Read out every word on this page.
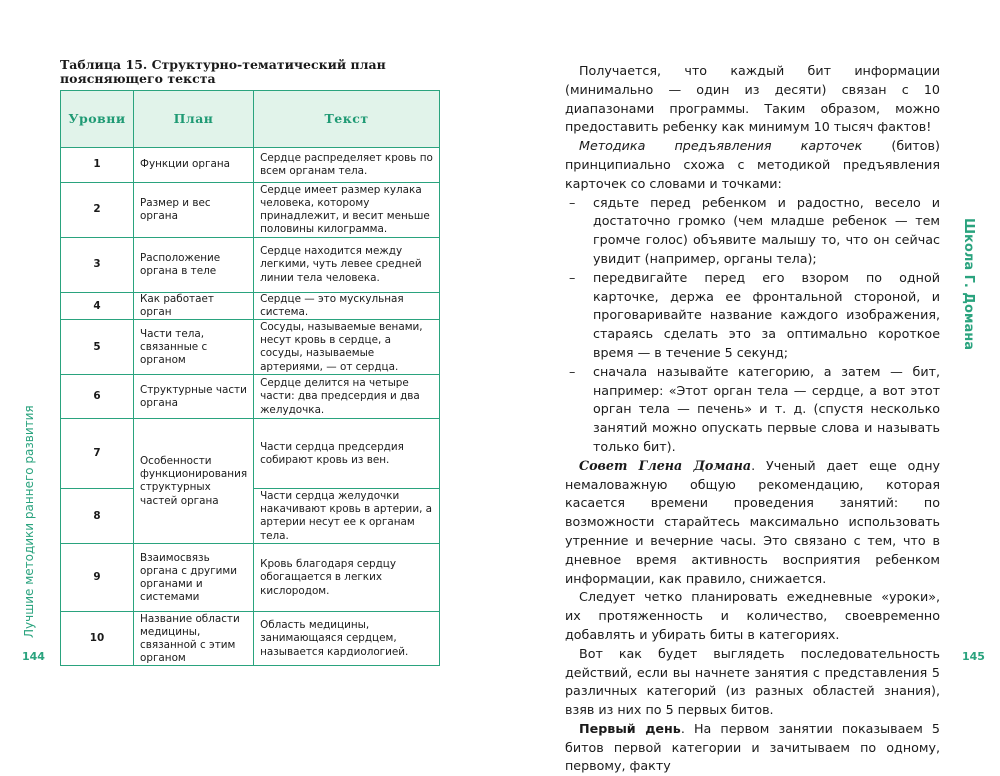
Лучшие методики раннего развития
Школа Г. Домана
144	145
Таблица 15. Структурно-тематический план поясняющего текста
Уровни	План	Текст
1	Функции органа	Сердце распределяет кровь по всем органам тела.
2	Размер и вес органа	Сердце имеет размер кулака человека, которому принадлежит, и весит меньше половины килограмма.
3	Расположение органа в теле	Сердце находится между легкими, чуть левее средней линии тела человека.
4	Как работает орган	Сердце — это мускульная система.
5	Части тела, связанные с органом	Сосуды, называемые венами, несут кровь в сердце, а сосуды, называемые артериями, — от сердца.
6	Структурные части органа	Сердце делится на четыре части: два предсердия и два желудочка.
7	Особенности функционирования структурных частей органа	Части сердца предсердия собирают кровь из вен.
8		Части сердца желудочки накачивают кровь в артерии, а артерии несут ее к органам тела.
9	Взаимосвязь органа с другими органами и системами	Кровь благодаря сердцу обогащается в легких кислородом.
10	Название области медицины, связанной с этим органом	Область медицины, занимающаяся сердцем, называется кардиологией.

Получается, что каждый бит информации (минимально — один из десяти) связан с 10 диапазонами программы. Таким образом, можно предоставить ребенку как минимум 10 тысяч фактов!

Методика предъявления карточек (битов) принципиально схожа с методикой предъявления карточек со словами и точками:

– сядьте перед ребенком и радостно, весело и достаточно громко (чем младше ребенок — тем громче голос) объявите малышу то, что он сейчас увидит (например, органы тела);

– передвигайте перед его взором по одной карточке, держа ее фронтальной стороной, и проговаривайте название каждого изображения, стараясь сделать это за оптимально короткое время — в течение 5 секунд;

– сначала называйте категорию, а затем — бит, например: «Этот орган тела — сердце, а вот этот орган тела — печень» и т. д. (спустя несколько занятий можно опускать первые слова и называть только бит).

Совет Глена Домана. Ученый дает еще одну немаловажную общую рекомендацию, которая касается времени проведения занятий: по возможности старайтесь максимально использовать утренние и вечерние часы. Это связано с тем, что в дневное время активность восприятия ребенком информации, как правило, снижается.

Следует четко планировать ежедневные «уроки», их протяженность и количество, своевременно добавлять и убирать биты в категориях.

Вот как будет выглядеть последовательность действий, если вы начнете занятия с представления 5 различных категорий (из разных областей знания), взяв из них по 5 первых битов.

Первый день. На первом занятии показываем 5 битов первой категории и зачитываем по одному, первому, факту
